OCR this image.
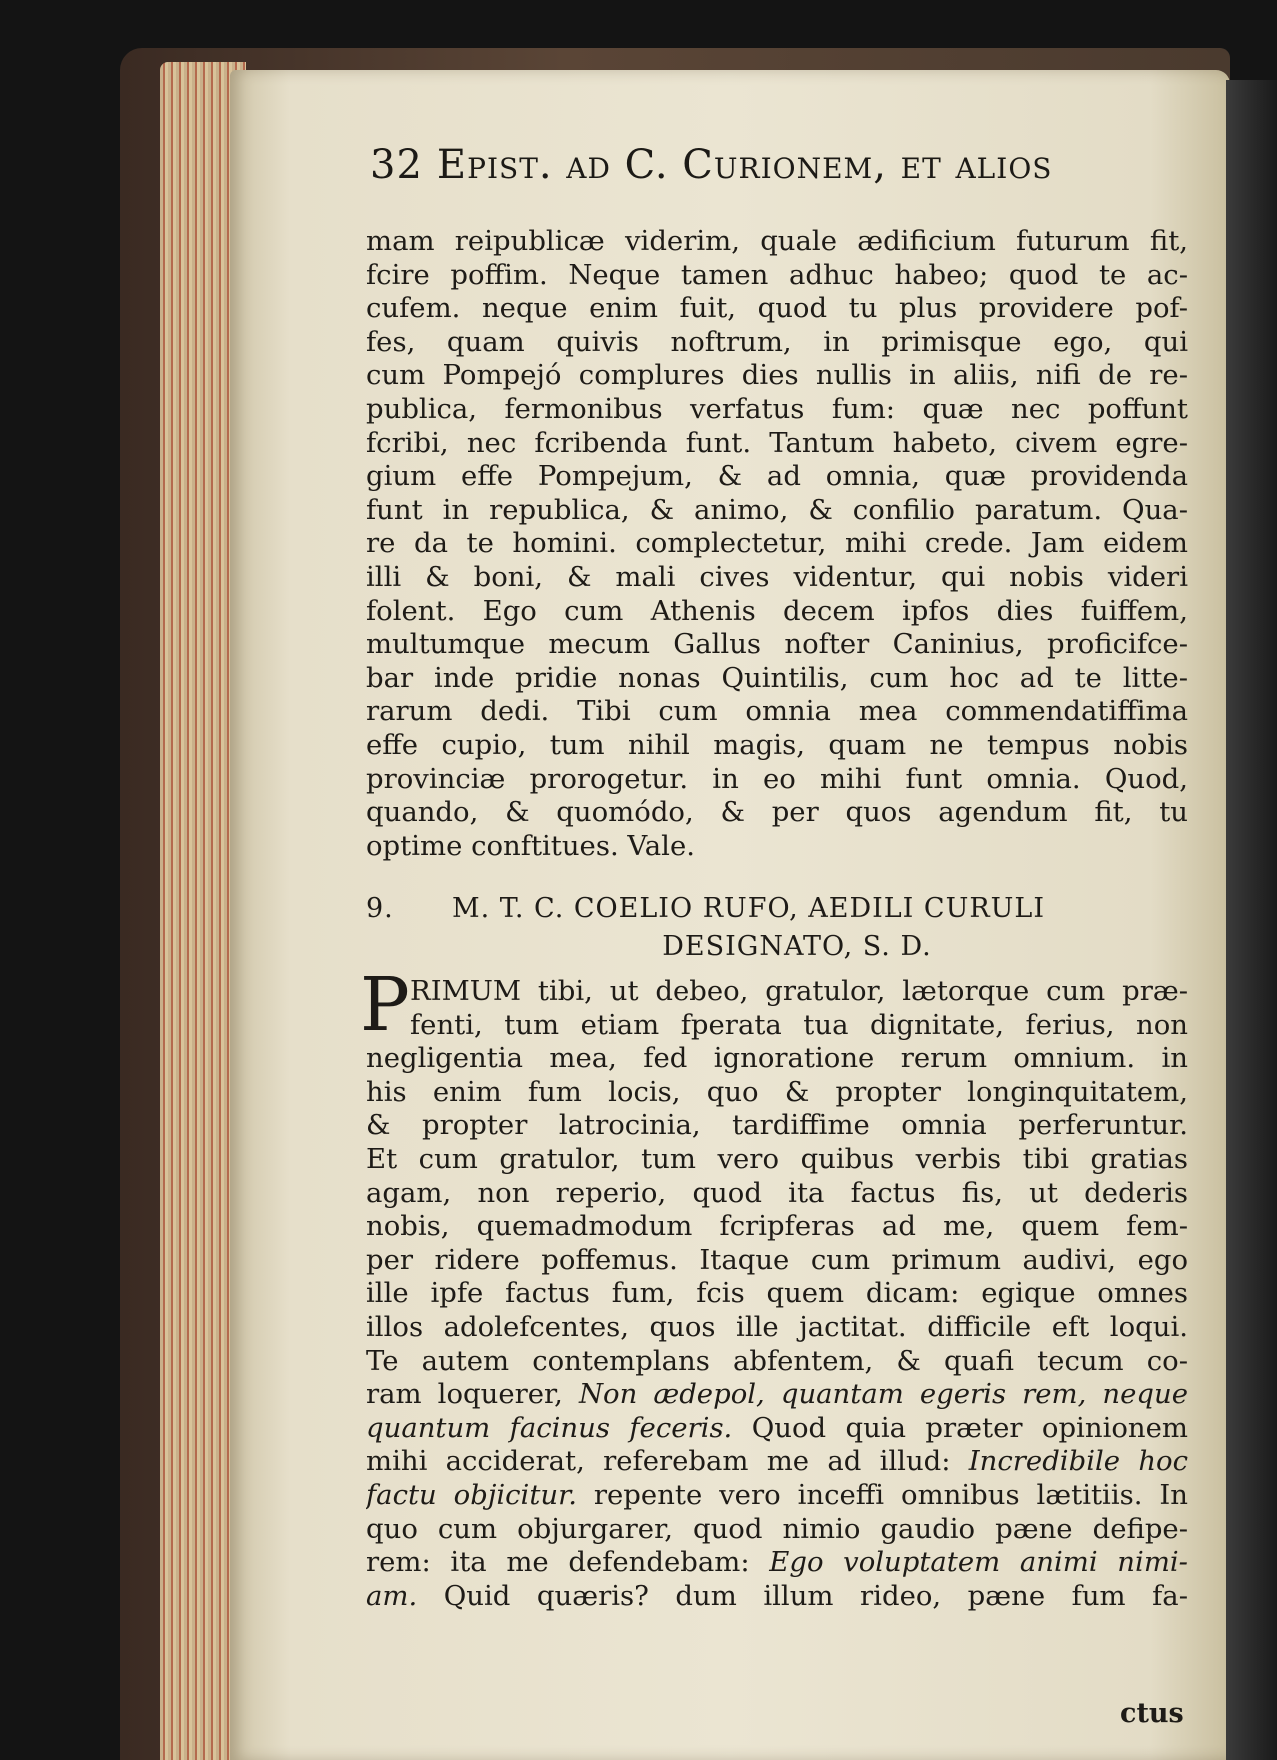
32 Epist. ad C. Curionem, et alios
mam reipublicæ viderim, quale ædificium futurum fit,
fcire poffim. Neque tamen adhuc habeo; quod te ac-
cufem. neque enim fuit, quod tu plus providere pof-
fes, quam quivis noftrum, in primisque ego, qui
cum Pompejó complures dies nullis in aliis, nifi de re-
publica, fermonibus verfatus fum: quæ nec poffunt
fcribi, nec fcribenda funt. Tantum habeto, civem egre-
gium effe Pompejum, & ad omnia, quæ providenda
funt in republica, & animo, & confilio paratum. Qua-
re da te homini. complectetur, mihi crede. Jam eidem
illi & boni, & mali cives videntur, qui nobis videri
folent. Ego cum Athenis decem ipfos dies fuiffem,
multumque mecum Gallus nofter Caninius, proficifce-
bar inde pridie nonas Quintilis, cum hoc ad te litte-
rarum dedi. Tibi cum omnia mea commendatiffima
effe cupio, tum nihil magis, quam ne tempus nobis
provinciæ prorogetur. in eo mihi funt omnia. Quod,
quando, & quomódo, & per quos agendum fit, tu
optime conftitues. Vale.
9. M. T. C. COELIO RUFO, AEDILI CURULI
DESIGNATO, S. D.
P RIMUM tibi, ut debeo, gratulor, lætorque cum præ-
fenti, tum etiam fperata tua dignitate, ferius, non
negligentia mea, fed ignoratione rerum omnium. in
his enim fum locis, quo & propter longinquitatem,
& propter latrocinia, tardiffime omnia perferuntur.
Et cum gratulor, tum vero quibus verbis tibi gratias
agam, non reperio, quod ita factus fis, ut dederis
nobis, quemadmodum fcripferas ad me, quem fem-
per ridere poffemus. Itaque cum primum audivi, ego
ille ipfe factus fum, fcis quem dicam: egique omnes
illos adolefcentes, quos ille jactitat. difficile eft loqui.
Te autem contemplans abfentem, & quafi tecum co-
ram loquerer, Non ædepol, quantam egeris rem, neque
quantum facinus feceris. Quod quia præter opinionem
mihi acciderat, referebam me ad illud: Incredibile hoc
factu objicitur. repente vero inceffi omnibus lætitiis. In
quo cum objurgarer, quod nimio gaudio pæne defipe-
rem: ita me defendebam: Ego voluptatem animi nimi-
am. Quid quæris? dum illum rideo, pæne fum fa-
ctus
